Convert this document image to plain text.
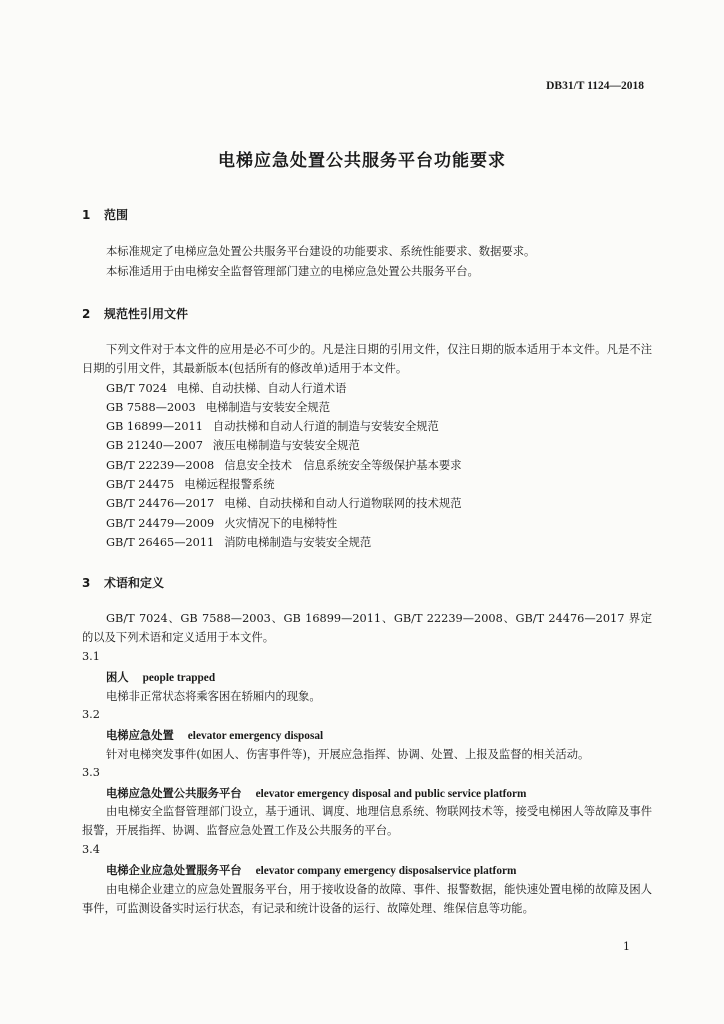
DB31/T 1124—2018
电梯应急处置公共服务平台功能要求
1 范围
本标准规定了电梯应急处置公共服务平台建设的功能要求、系统性能要求、数据要求。
本标准适用于由电梯安全监督管理部门建立的电梯应急处置公共服务平台。
2 规范性引用文件
下列文件对于本文件的应用是必不可少的。凡是注日期的引用文件，仅注日期的版本适用于本文件。凡是不注日期的引用文件，其最新版本(包括所有的修改单)适用于本文件。
GB/T 7024 电梯、自动扶梯、自动人行道术语
GB 7588—2003 电梯制造与安装安全规范
GB 16899—2011 自动扶梯和自动人行道的制造与安装安全规范
GB 21240—2007 液压电梯制造与安装安全规范
GB/T 22239—2008 信息安全技术　信息系统安全等级保护基本要求
GB/T 24475 电梯远程报警系统
GB/T 24476—2017 电梯、自动扶梯和自动人行道物联网的技术规范
GB/T 24479—2009 火灾情况下的电梯特性
GB/T 26465—2011 消防电梯制造与安装安全规范
3 术语和定义
GB/T 7024、GB 7588—2003、GB 16899—2011、GB/T 22239—2008、GB/T 24476—2017 界定的以及下列术语和定义适用于本文件。
3.1
困人 people trapped
电梯非正常状态将乘客困在轿厢内的现象。
3.2
电梯应急处置 elevator emergency disposal
针对电梯突发事件(如困人、伤害事件等)，开展应急指挥、协调、处置、上报及监督的相关活动。
3.3
电梯应急处置公共服务平台 elevator emergency disposal and public service platform
由电梯安全监督管理部门设立，基于通讯、调度、地理信息系统、物联网技术等，接受电梯困人等故障及事件报警，开展指挥、协调、监督应急处置工作及公共服务的平台。
3.4
电梯企业应急处置服务平台 elevator company emergency disposalservice platform
由电梯企业建立的应急处置服务平台，用于接收设备的故障、事件、报警数据，能快速处置电梯的故障及困人事件，可监测设备实时运行状态，有记录和统计设备的运行、故障处理、维保信息等功能。
1
